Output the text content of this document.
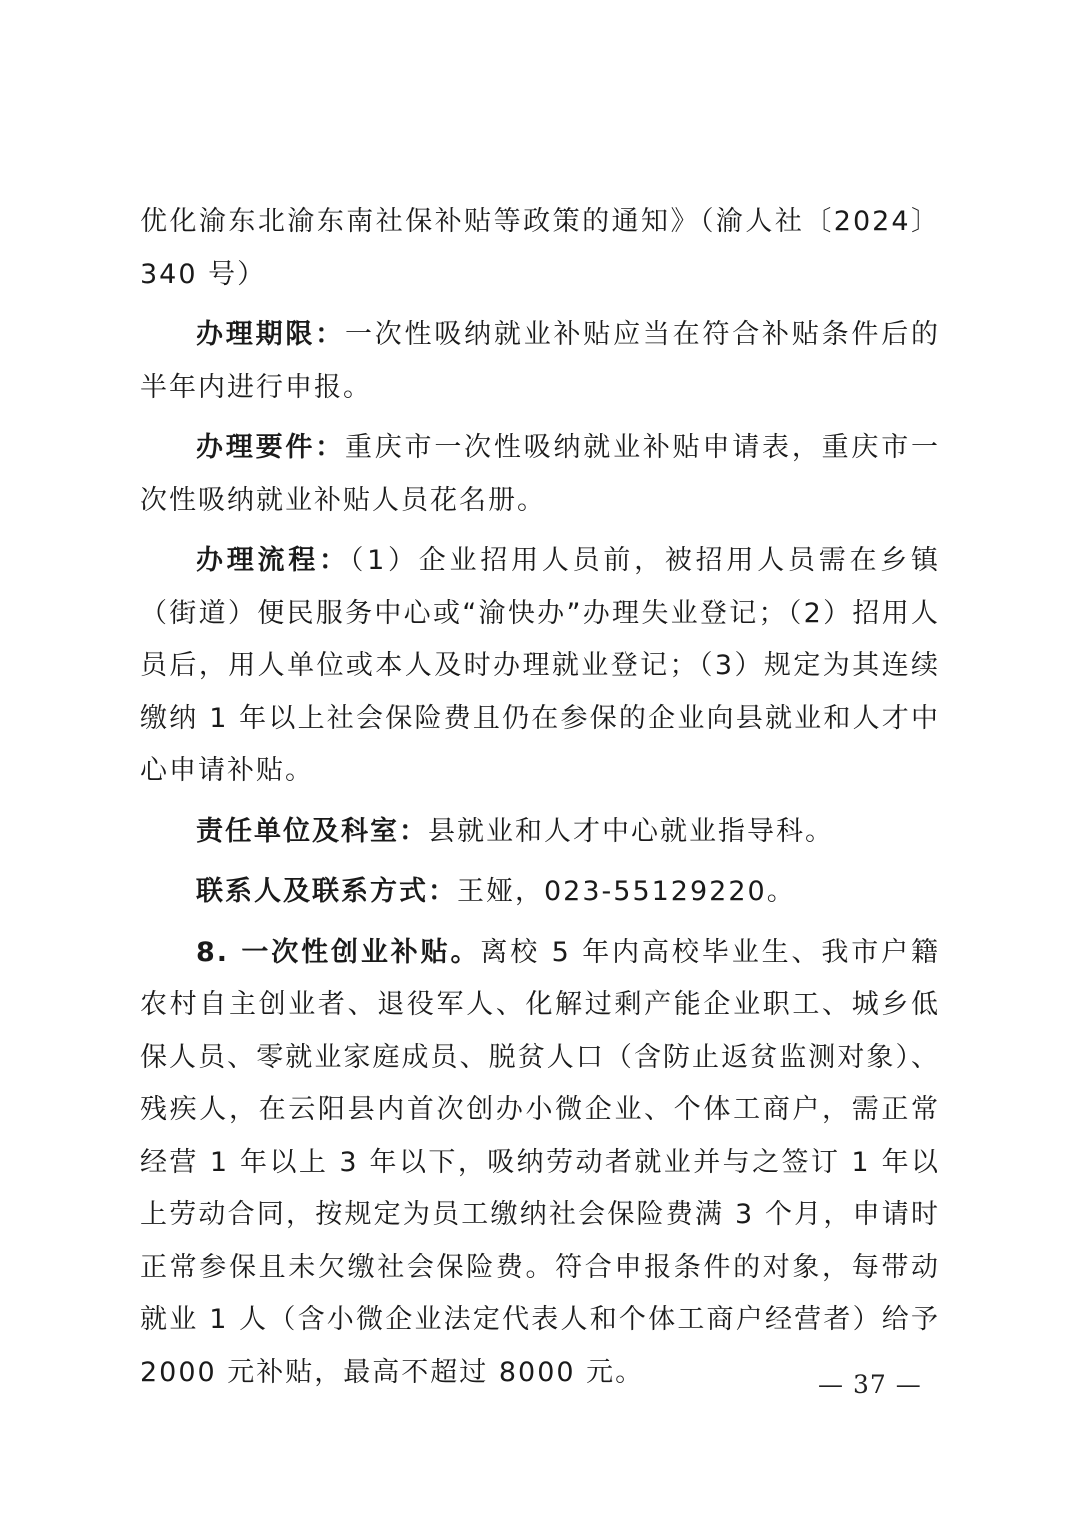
优化渝东北渝东南社保补贴等政策的通知》（渝人社〔2024〕340 号）

办理期限：一次性吸纳就业补贴应当在符合补贴条件后的半年内进行申报。

办理要件：重庆市一次性吸纳就业补贴申请表，重庆市一次性吸纳就业补贴人员花名册。

办理流程：（1）企业招用人员前，被招用人员需在乡镇（街道）便民服务中心或“渝快办”办理失业登记；（2）招用人员后，用人单位或本人及时办理就业登记；（3）规定为其连续缴纳 1 年以上社会保险费且仍在参保的企业向县就业和人才中心申请补贴。

责任单位及科室：县就业和人才中心就业指导科。

联系人及联系方式：王娅，023-55129220。

8. 一次性创业补贴。离校 5 年内高校毕业生、我市户籍农村自主创业者、退役军人、化解过剩产能企业职工、城乡低保人员、零就业家庭成员、脱贫人口（含防止返贫监测对象）、残疾人，在云阳县内首次创办小微企业、个体工商户，需正常经营 1 年以上 3 年以下，吸纳劳动者就业并与之签订 1 年以上劳动合同，按规定为员工缴纳社会保险费满 3 个月，申请时正常参保且未欠缴社会保险费。符合申报条件的对象，每带动就业 1 人（含小微企业法定代表人和个体工商户经营者）给予 2000 元补贴，最高不超过 8000 元。	— 37 —
